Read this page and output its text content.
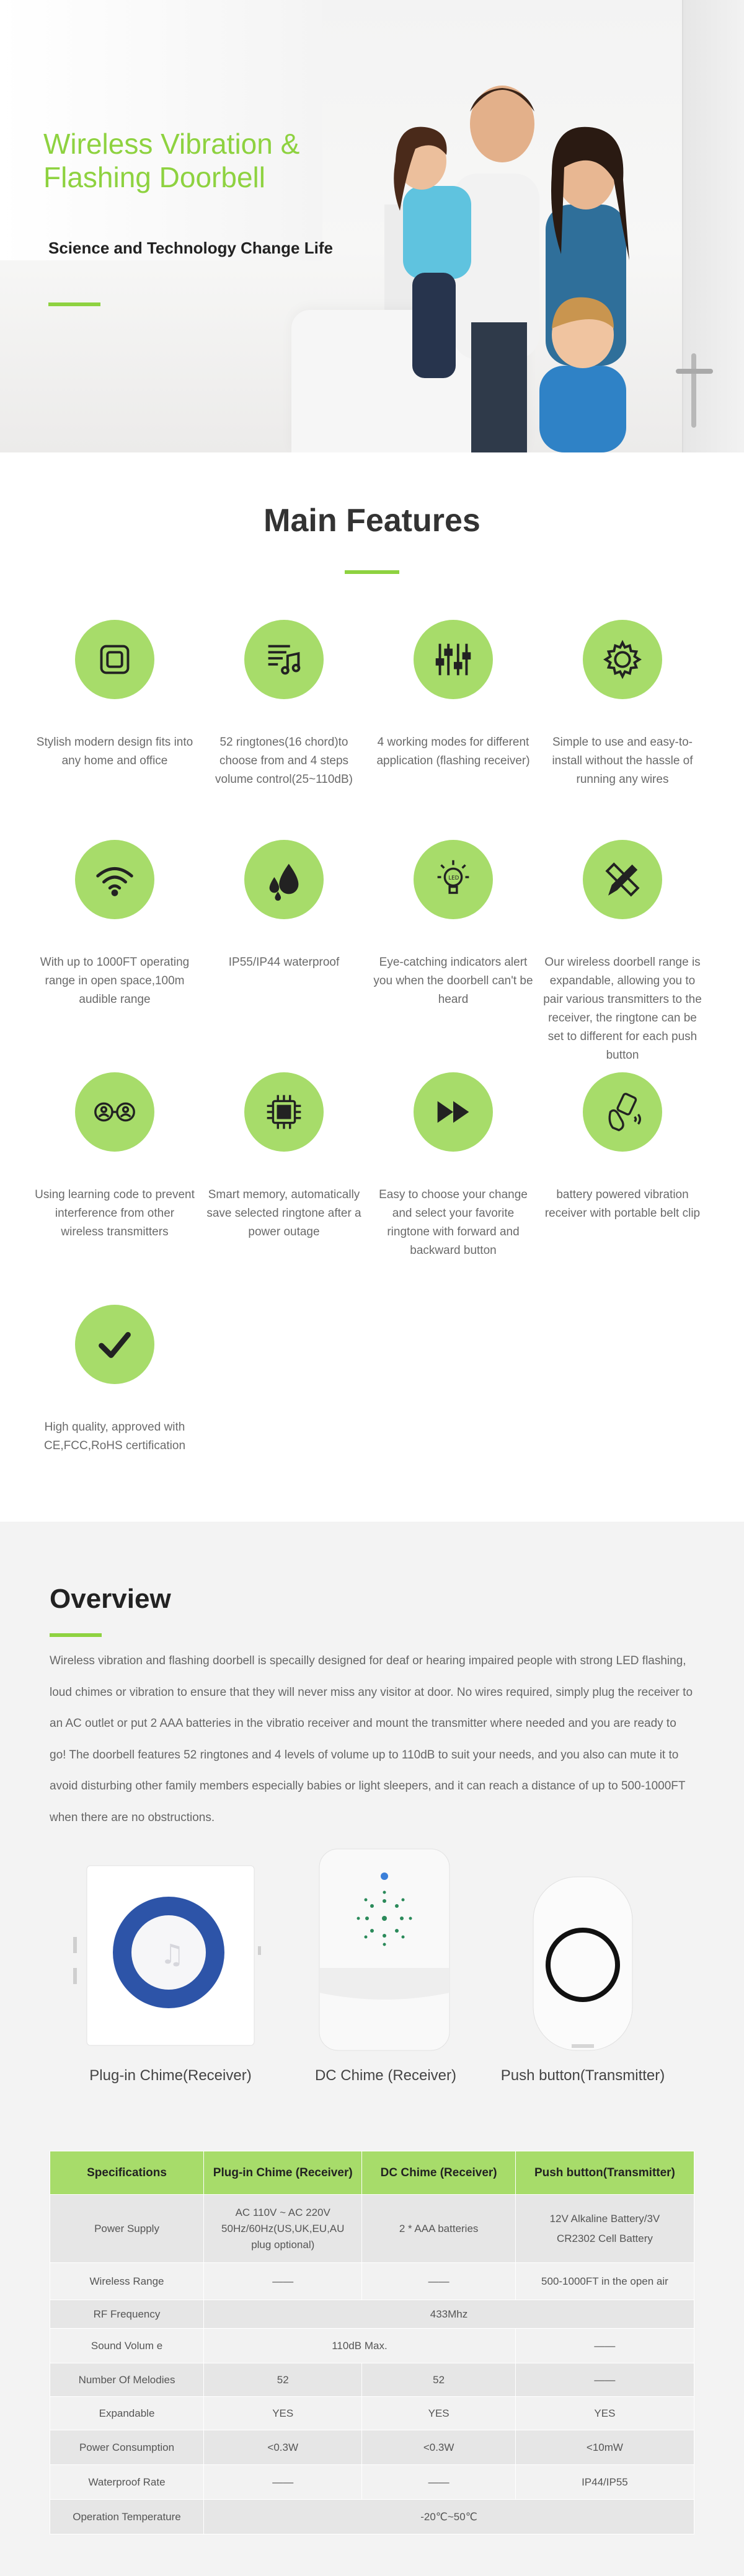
Wireless Vibration &
Flashing Doorbell
Science and Technology Change Life
Main Features
Stylish modern design fits into any home and office
52 ringtones(16 chord)to choose from and 4 steps volume control(25~110dB)
4 working modes for different application (flashing receiver)
Simple to use and easy-to-install without the hassle of running any wires
With up to 1000FT operating range in open space,100m audible range
IP55/IP44 waterproof
LED
Eye-catching indicators alert you when the doorbell can't be heard
Our wireless doorbell range is expandable, allowing you to pair various transmitters to the receiver, the ringtone can be set to different for each push button
Using learning code to prevent interference from other wireless transmitters
Smart memory, automatically save selected ringtone after a power outage
Easy to choose your change and select your favorite ringtone with forward and backward button
battery powered vibration receiver with portable belt clip
High quality, approved with CE,FCC,RoHS certification
Overview

Wireless vibration and flashing doorbell is specailly designed for deaf or hearing impaired people with strong LED flashing, loud chimes or vibration to ensure that they will never miss any visitor at door. No wires required, simply plug the receiver to an AC outlet or put 2 AAA batteries in the vibratio receiver and mount the transmitter where needed and you are ready to go! The doorbell features 52 ringtones and 4 levels of volume up to 110dB to suit your needs, and you also can mute it to avoid disturbing other family members especially babies or light sleepers, and it can reach a distance of up to 500-1000FT when there are no obstructions.

♫
Plug-in Chime(Receiver)	DC Chime (Receiver)	Push button(Transmitter)
Specifications	Plug-in Chime (Receiver)	DC Chime (Receiver)	Push button(Transmitter)
Power Supply	AC 110V ~ AC 220V 50Hz/60Hz(US,UK,EU,AU plug optional)	2 * AAA batteries	12V Alkaline Battery/3V
CR2302 Cell Battery

Wireless Range	——	——	500-1000FT in the open air
RF Frequency	433Mhz		
Sound Volum e	110dB Max.		——
Number Of Melodies	52	52	——
Expandable	YES	YES	YES
Power Consumption	<0.3W	<0.3W	<10mW
Waterproof Rate	——	——	IP44/IP55
Operation Temperature	-20℃~50℃		
